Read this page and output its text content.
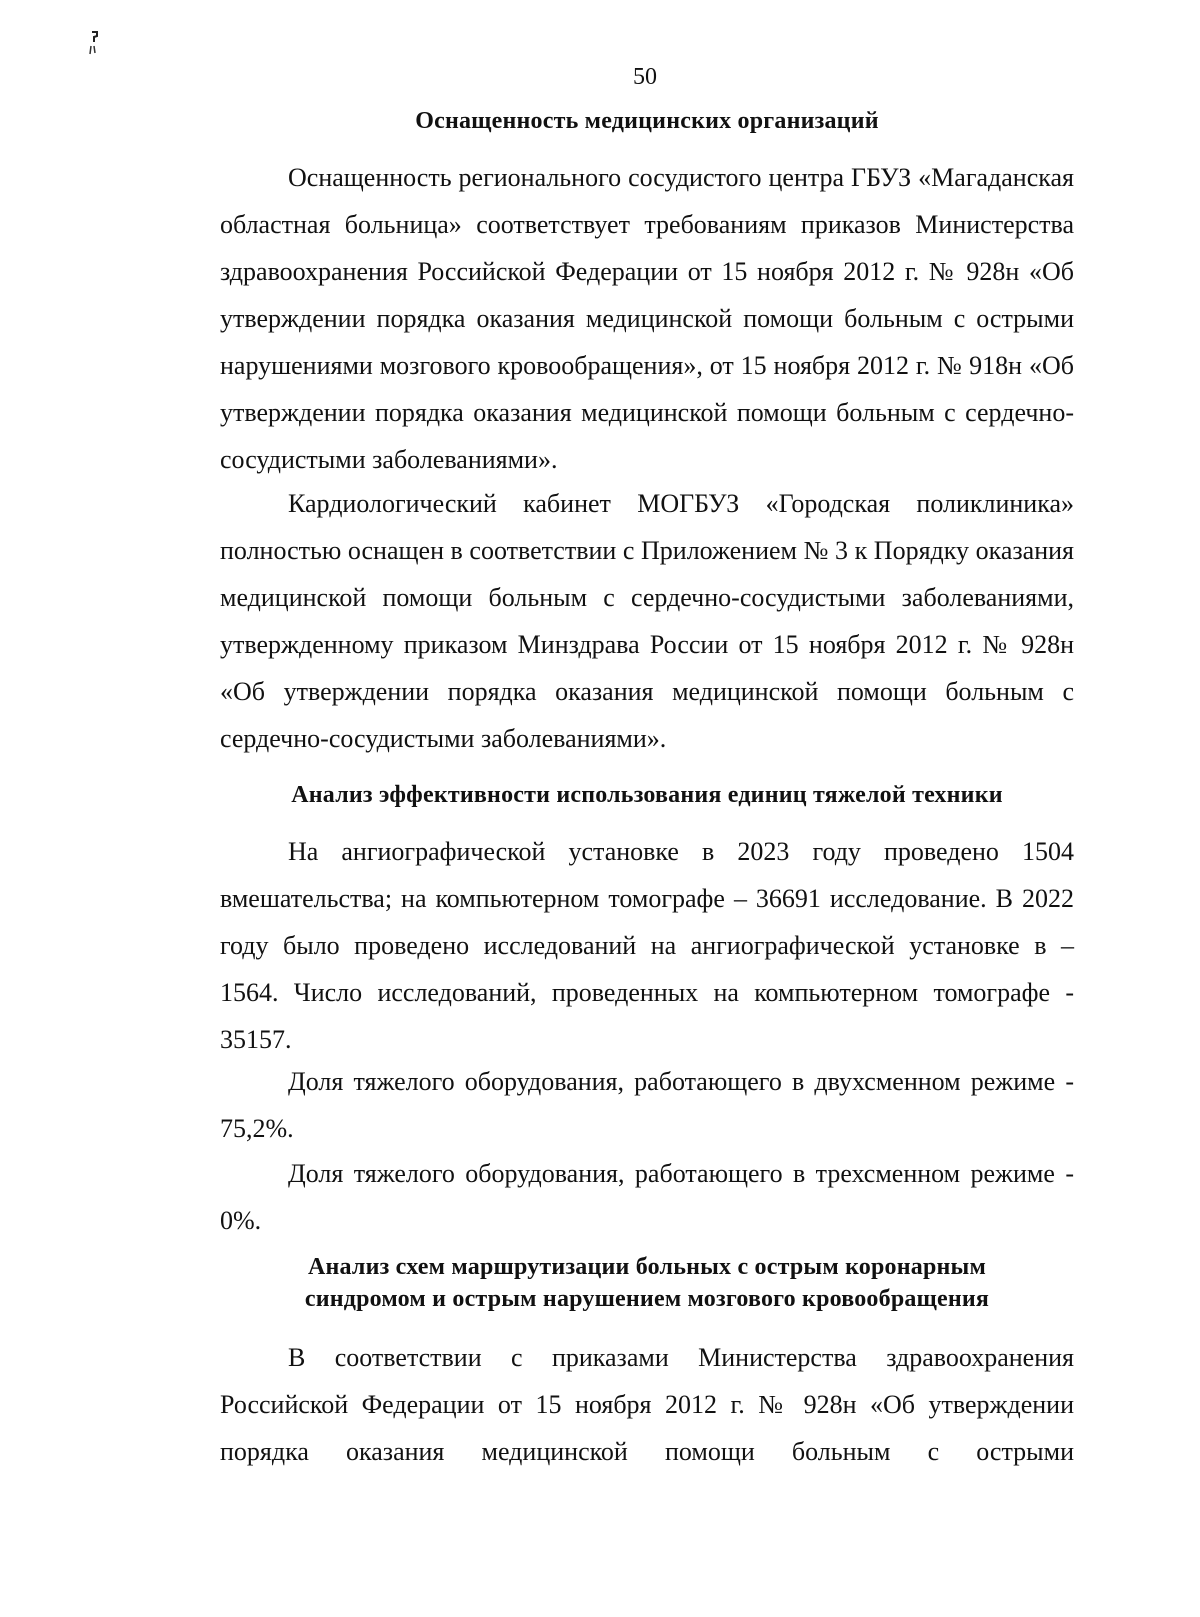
50
Оснащенность медицинских организаций
Оснащенность регионального сосудистого центра ГБУЗ «Магаданская областная больница» соответствует требованиям приказов Министерства здравоохранения Российской Федерации от 15 ноября 2012 г. № 928н «Об утверждении порядка оказания медицинской помощи больным с острыми нарушениями мозгового кровообращения», от 15 ноября 2012 г. № 918н «Об утверждении порядка оказания медицинской помощи больным с сердечно-сосудистыми заболеваниями».
Кардиологический кабинет МОГБУЗ «Городская поликлиника» полностью оснащен в соответствии с Приложением № 3 к Порядку оказания медицинской помощи больным с сердечно-сосудистыми заболеваниями, утвержденному приказом Минздрава России от 15 ноября 2012 г. № 928н «Об утверждении порядка оказания медицинской помощи больным с сердечно-сосудистыми заболеваниями».
Анализ эффективности использования единиц тяжелой техники
На ангиографической установке в 2023 году проведено 1504 вмешательства; на компьютерном томографе – 36691 исследование. В 2022 году было проведено исследований на ангиографической установке в – 1564. Число исследований, проведенных на компьютерном томографе - 35157.
Доля тяжелого оборудования, работающего в двухсменном режиме - 75,2%.
Доля тяжелого оборудования, работающего в трехсменном режиме - 0%.
Анализ схем маршрутизации больных с острым коронарным
синдромом и острым нарушением мозгового кровообращения
В соответствии с приказами Министерства здравоохранения Российской Федерации от 15 ноября 2012 г. № 928н «Об утверждении порядка оказания медицинской помощи больным с острыми
